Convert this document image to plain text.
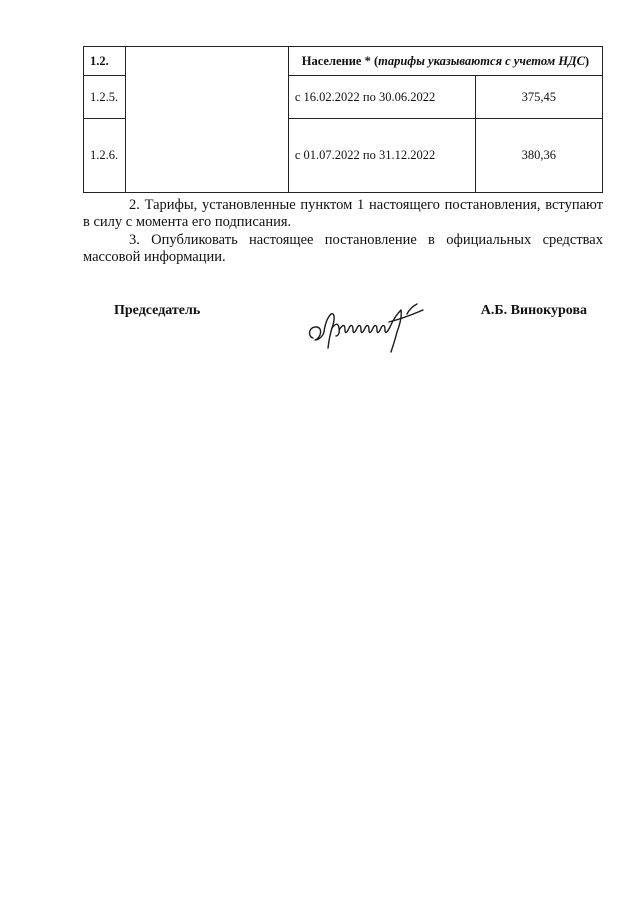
1.2.		Население * (тарифы указываются с учетом НДС)	
1.2.5.		с 16.02.2022 по 30.06.2022	375,45
1.2.6.		с 01.07.2022 по 31.12.2022	380,36

2. Тарифы, установленные пунктом 1 настоящего постановления, вступают в силу с момента его подписания.

3. Опубликовать настоящее постановление в официальных средствах массовой информации.

Председатель	А.Б. Винокурова
